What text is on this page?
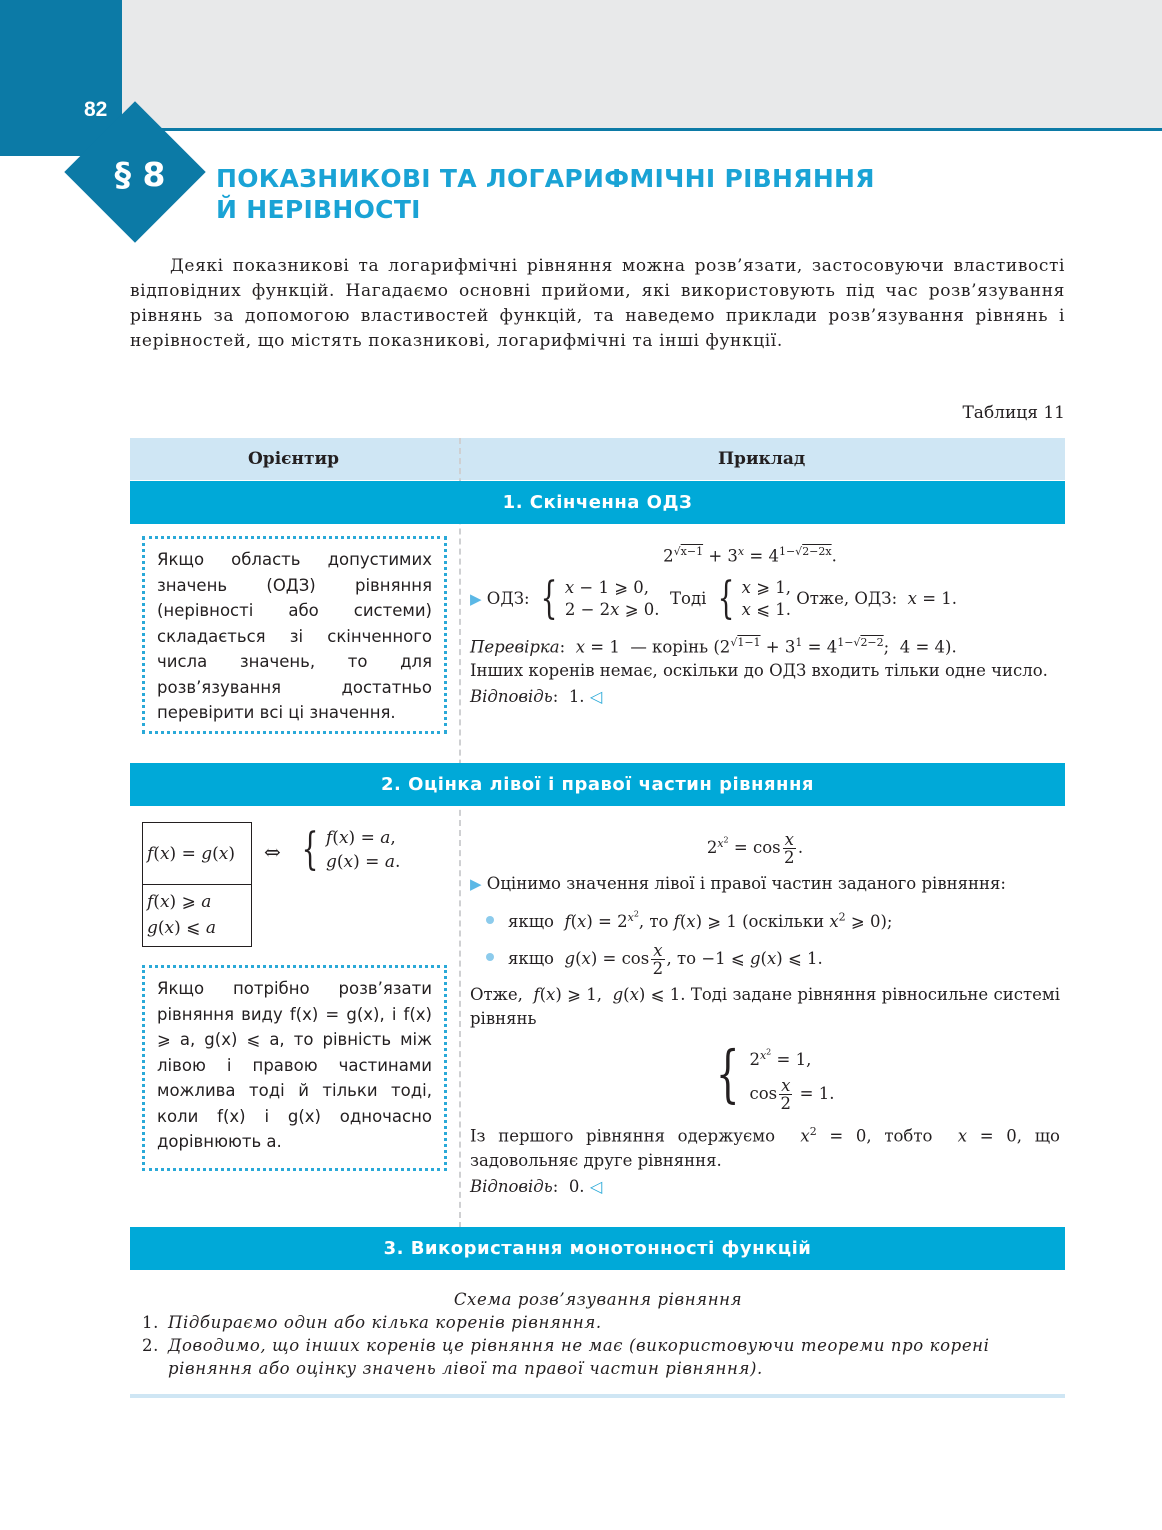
82
§ 8 ПОКАЗНИКОВІ ТА ЛОГАРИФМІЧНІ РІВНЯННЯ
Й НЕРІВНОСТІ

Деякі показникові та логарифмічні рівняння можна розв’язати, застосовуючи властивості відповідних функцій. Нагадаємо основні прийоми, які використовують під час розв’язування рівнянь за допомогою властивостей функцій, та наведемо приклади розв’язування рівнянь і нерівностей, що містять показникові, логарифмічні та інші функції.

Таблиця 11
Орієнтир	Приклад
1. Скінченна ОДЗ

Якщо область допустимих значень (ОДЗ) рівняння (нерівності або системи) складається зі скінченного числа значень, то для розв’язування достатньо перевірити всі ці значення.

$2^{√x-1} + 3^x = 4^{1-√2-2x}$.

▶
ОДЗ:
{ x − 1 ⩾ 0,
2 − 2x ⩾ 0.

Тоді
{ x ⩾ 1,
x ⩽ 1.

Отже, ОДЗ:
x = 1.

Перевірка:  x = 1  — корінь ($2^{√1-1} + 3^1 = 4^{1-√2-2}$;  4 = 4).

Інших коренів немає, оскільки до ОДЗ входить тільки одне число.

Відповідь:  1. ◁

2. Оцінка лівої і правої частин рівняння
f(x) = g(x)
f(x) ⩾ a
g(x) ⩽ a
⇔ { f(x) = a,
g(x) = a.

Якщо потрібно розв’язати рівняння виду f(x) = g(x), і f(x) ⩾ a, g(x) ⩽ a, то рівність між лівою і правою частинами можлива тоді й тільки тоді, коли f(x) і g(x) одночасно дорівнюють a.

$2^{x^2} = \cos \frac{x}{2}$ .

▶ Оцінимо значення лівої і правої частин заданого рівняння:

якщо $f(x) = 2^{x^2}$, то f(x) ⩾ 1 (оскільки $x^2$ ⩾ 0);

якщо $g(x) = \cos \frac{x}{2}$ , то −1 ⩽ g(x) ⩽ 1.

Отже, f(x) ⩾ 1,  g(x) ⩽ 1. Тоді задане рівняння рівносильне системі рівнянь

{ $2^{x^2} = 1$,
$\cos \frac{x}{2} = 1$.

Із першого рівняння одержуємо $x^2 = 0$, тобто x = 0, що задовольняє друге рівняння.

Відповідь:  0. ◁

3. Використання монотонності функцій
Схема розв’язування рівняння
1. Підбираємо один або кілька коренів рівняння.
2. Доводимо, що інших коренів це рівняння не має (використовуючи теореми про корені рівняння або оцінку значень лівої та правої частин рівняння).
